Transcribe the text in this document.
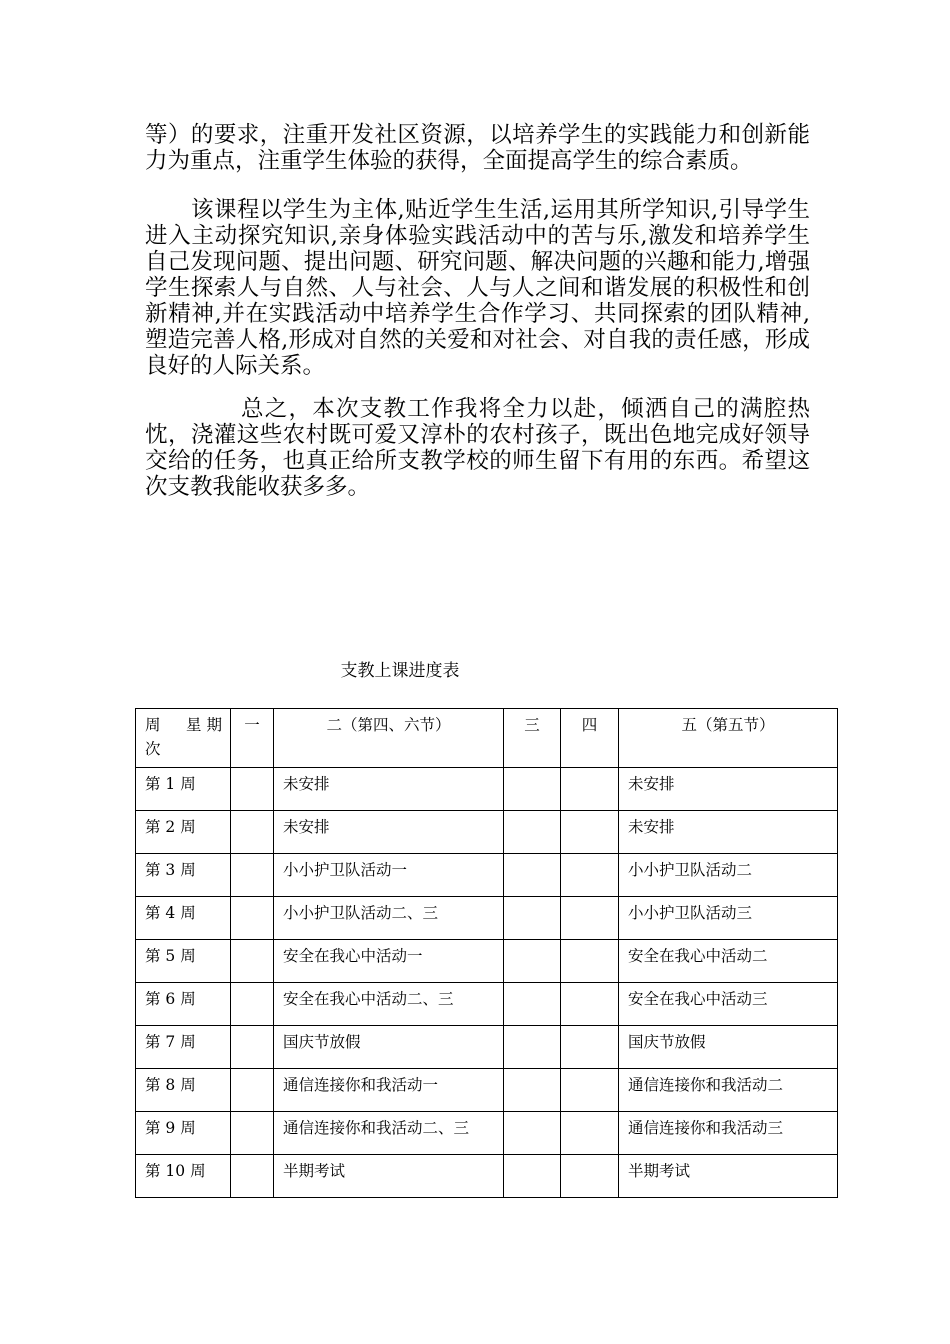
等）的要求，注重开发社区资源，以培养学生的实践能力和创新能力为重点，注重学生体验的获得，全面提高学生的综合素质。

该课程以学生为主体,贴近学生生活,运用其所学知识,引导学生进入主动探究知识,亲身体验实践活动中的苦与乐,激发和培养学生自己发现问题、提出问题、研究问题、解决问题的兴趣和能力,增强学生探索人与自然、人与社会、人与人之间和谐发展的积极性和创新精神,并在实践活动中培养学生合作学习、共同探索的团队精神,塑造完善人格,形成对自然的关爱和对社会、对自我的责任感，形成良好的人际关系。

总之，本次支教工作我将全力以赴，倾洒自己的满腔热忱，浇灌这些农村既可爱又淳朴的农村孩子，既出色地完成好领导交给的任务，也真正给所支教学校的师生留下有用的东西。希望这次支教我能收获多多。

支教上课进度表
周　星期
次	一	二（第四、六节）	三	四	五（第五节）
第 1 周		未安排			未安排
第 2 周		未安排			未安排
第 3 周		小小护卫队活动一			小小护卫队活动二
第 4 周		小小护卫队活动二、三			小小护卫队活动三
第 5 周		安全在我心中活动一			安全在我心中活动二
第 6 周		安全在我心中活动二、三			安全在我心中活动三
第 7 周		国庆节放假			国庆节放假
第 8 周		通信连接你和我活动一			通信连接你和我活动二
第 9 周		通信连接你和我活动二、三			通信连接你和我活动三
第 10 周		半期考试			半期考试
